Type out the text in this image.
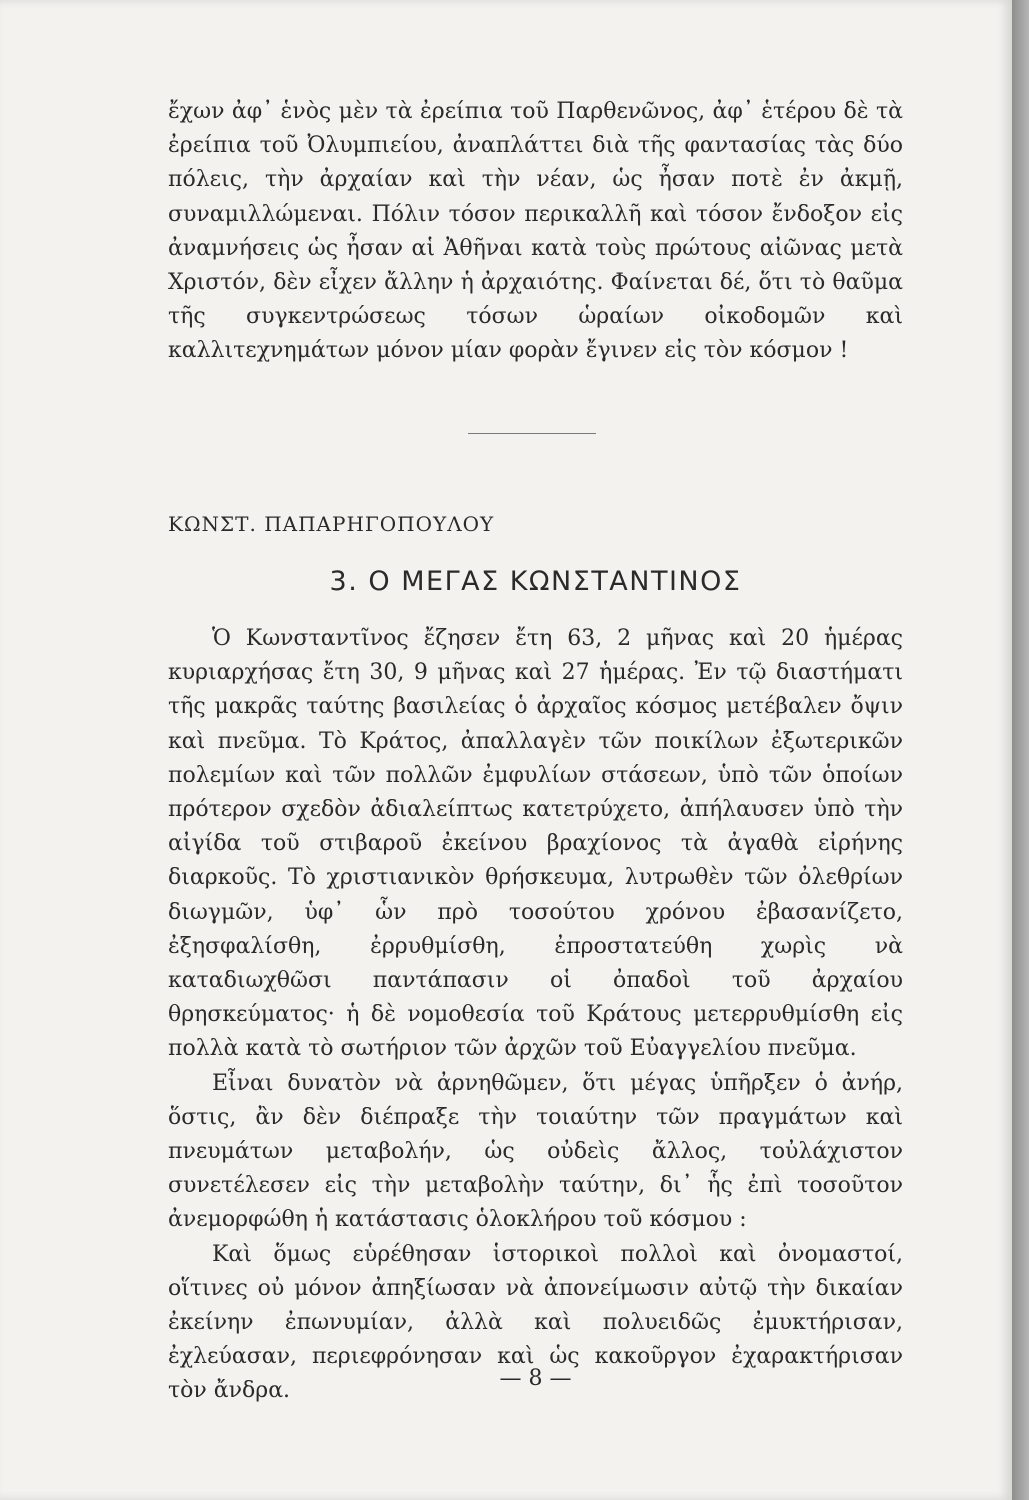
ἔχων ἀφ᾽ ἑνὸς μὲν τὰ ἐρείπια τοῦ Παρθενῶνος, ἀφ᾽ ἑτέρου δὲ τὰ ἐρείπια τοῦ Ὀλυμπιείου, ἀναπλάττει διὰ τῆς φαντασίας τὰς δύο πόλεις, τὴν ἀρχαίαν καὶ τὴν νέαν, ὡς ἦσαν ποτὲ ἐν ἀκμῇ, συναμιλλώμεναι. Πόλιν τόσον περικαλλῆ καὶ τόσον ἔνδοξον εἰς ἀναμνήσεις ὡς ἦσαν αἱ Ἀθῆναι κατὰ τοὺς πρώτους αἰῶνας μετὰ Χριστόν, δὲν εἶχεν ἄλλην ἡ ἀρχαιότης. Φαίνεται δέ, ὅτι τὸ θαῦμα τῆς συγκεντρώσεως τόσων ὡραίων οἰκοδομῶν καὶ καλλιτεχνημάτων μόνον μίαν φορὰν ἔγινεν εἰς τὸν κόσμον !

ΚΩΝΣΤ. ΠΑΠΑΡΗΓΟΠΟΥΛΟΥ
3. Ο ΜΕΓΑΣ ΚΩΝΣΤΑΝΤΙΝΟΣ

Ὁ Κωνσταντῖνος ἔζησεν ἔτη 63, 2 μῆνας καὶ 20 ἡμέρας κυριαρχήσας ἔτη 30, 9 μῆνας καὶ 27 ἡμέρας. Ἐν τῷ διαστήματι τῆς μακρᾶς ταύτης βασιλείας ὁ ἀρχαῖος κόσμος μετέβαλεν ὄψιν καὶ πνεῦμα. Τὸ Κράτος, ἀπαλλαγὲν τῶν ποικίλων ἐξωτερικῶν πολεμίων καὶ τῶν πολλῶν ἐμφυλίων στάσεων, ὑπὸ τῶν ὁποίων πρότερον σχεδὸν ἀδιαλείπτως κατετρύχετο, ἀπήλαυσεν ὑπὸ τὴν αἰγίδα τοῦ στιβαροῦ ἐκείνου βραχίονος τὰ ἀγαθὰ εἰρήνης διαρκοῦς. Τὸ χριστιανικὸν θρήσκευμα, λυτρωθὲν τῶν ὀλεθρίων διωγμῶν, ὑφ᾽ ὧν πρὸ τοσούτου χρόνου ἐβασανίζετο, ἐξησφαλίσθη, ἐρρυθμίσθη, ἐπροστατεύθη χωρὶς νὰ καταδιωχθῶσι παντάπασιν οἱ ὀπαδοὶ τοῦ ἀρχαίου θρησκεύματος· ἡ δὲ νομοθεσία τοῦ Κράτους μετερρυθμίσθη εἰς πολλὰ κατὰ τὸ σωτήριον τῶν ἀρχῶν τοῦ Εὐαγγελίου πνεῦμα.

Εἶναι δυνατὸν νὰ ἀρνηθῶμεν, ὅτι μέγας ὑπῆρξεν ὁ ἀνήρ, ὅστις, ἂν δὲν διέπραξε τὴν τοιαύτην τῶν πραγμάτων καὶ πνευμάτων μεταβολήν, ὡς οὐδεὶς ἄλλος, τοὐλάχιστον συνετέλεσεν εἰς τὴν μεταβολὴν ταύτην, δι᾽ ἧς ἐπὶ τοσοῦτον ἀνεμορφώθη ἡ κατάστασις ὁλοκλήρου τοῦ κόσμου :

Καὶ ὅμως εὑρέθησαν ἱστορικοὶ πολλοὶ καὶ ὀνομαστοί, οἵτινες οὐ μόνον ἀπηξίωσαν νὰ ἀπονείμωσιν αὐτῷ τὴν δικαίαν ἐκείνην ἐπωνυμίαν, ἀλλὰ καὶ πολυειδῶς ἐμυκτήρισαν, ἐχλεύασαν, περιεφρόνησαν καὶ ὡς κακοῦργον ἐχαρακτήρισαν τὸν ἄνδρα.	— 8 —
